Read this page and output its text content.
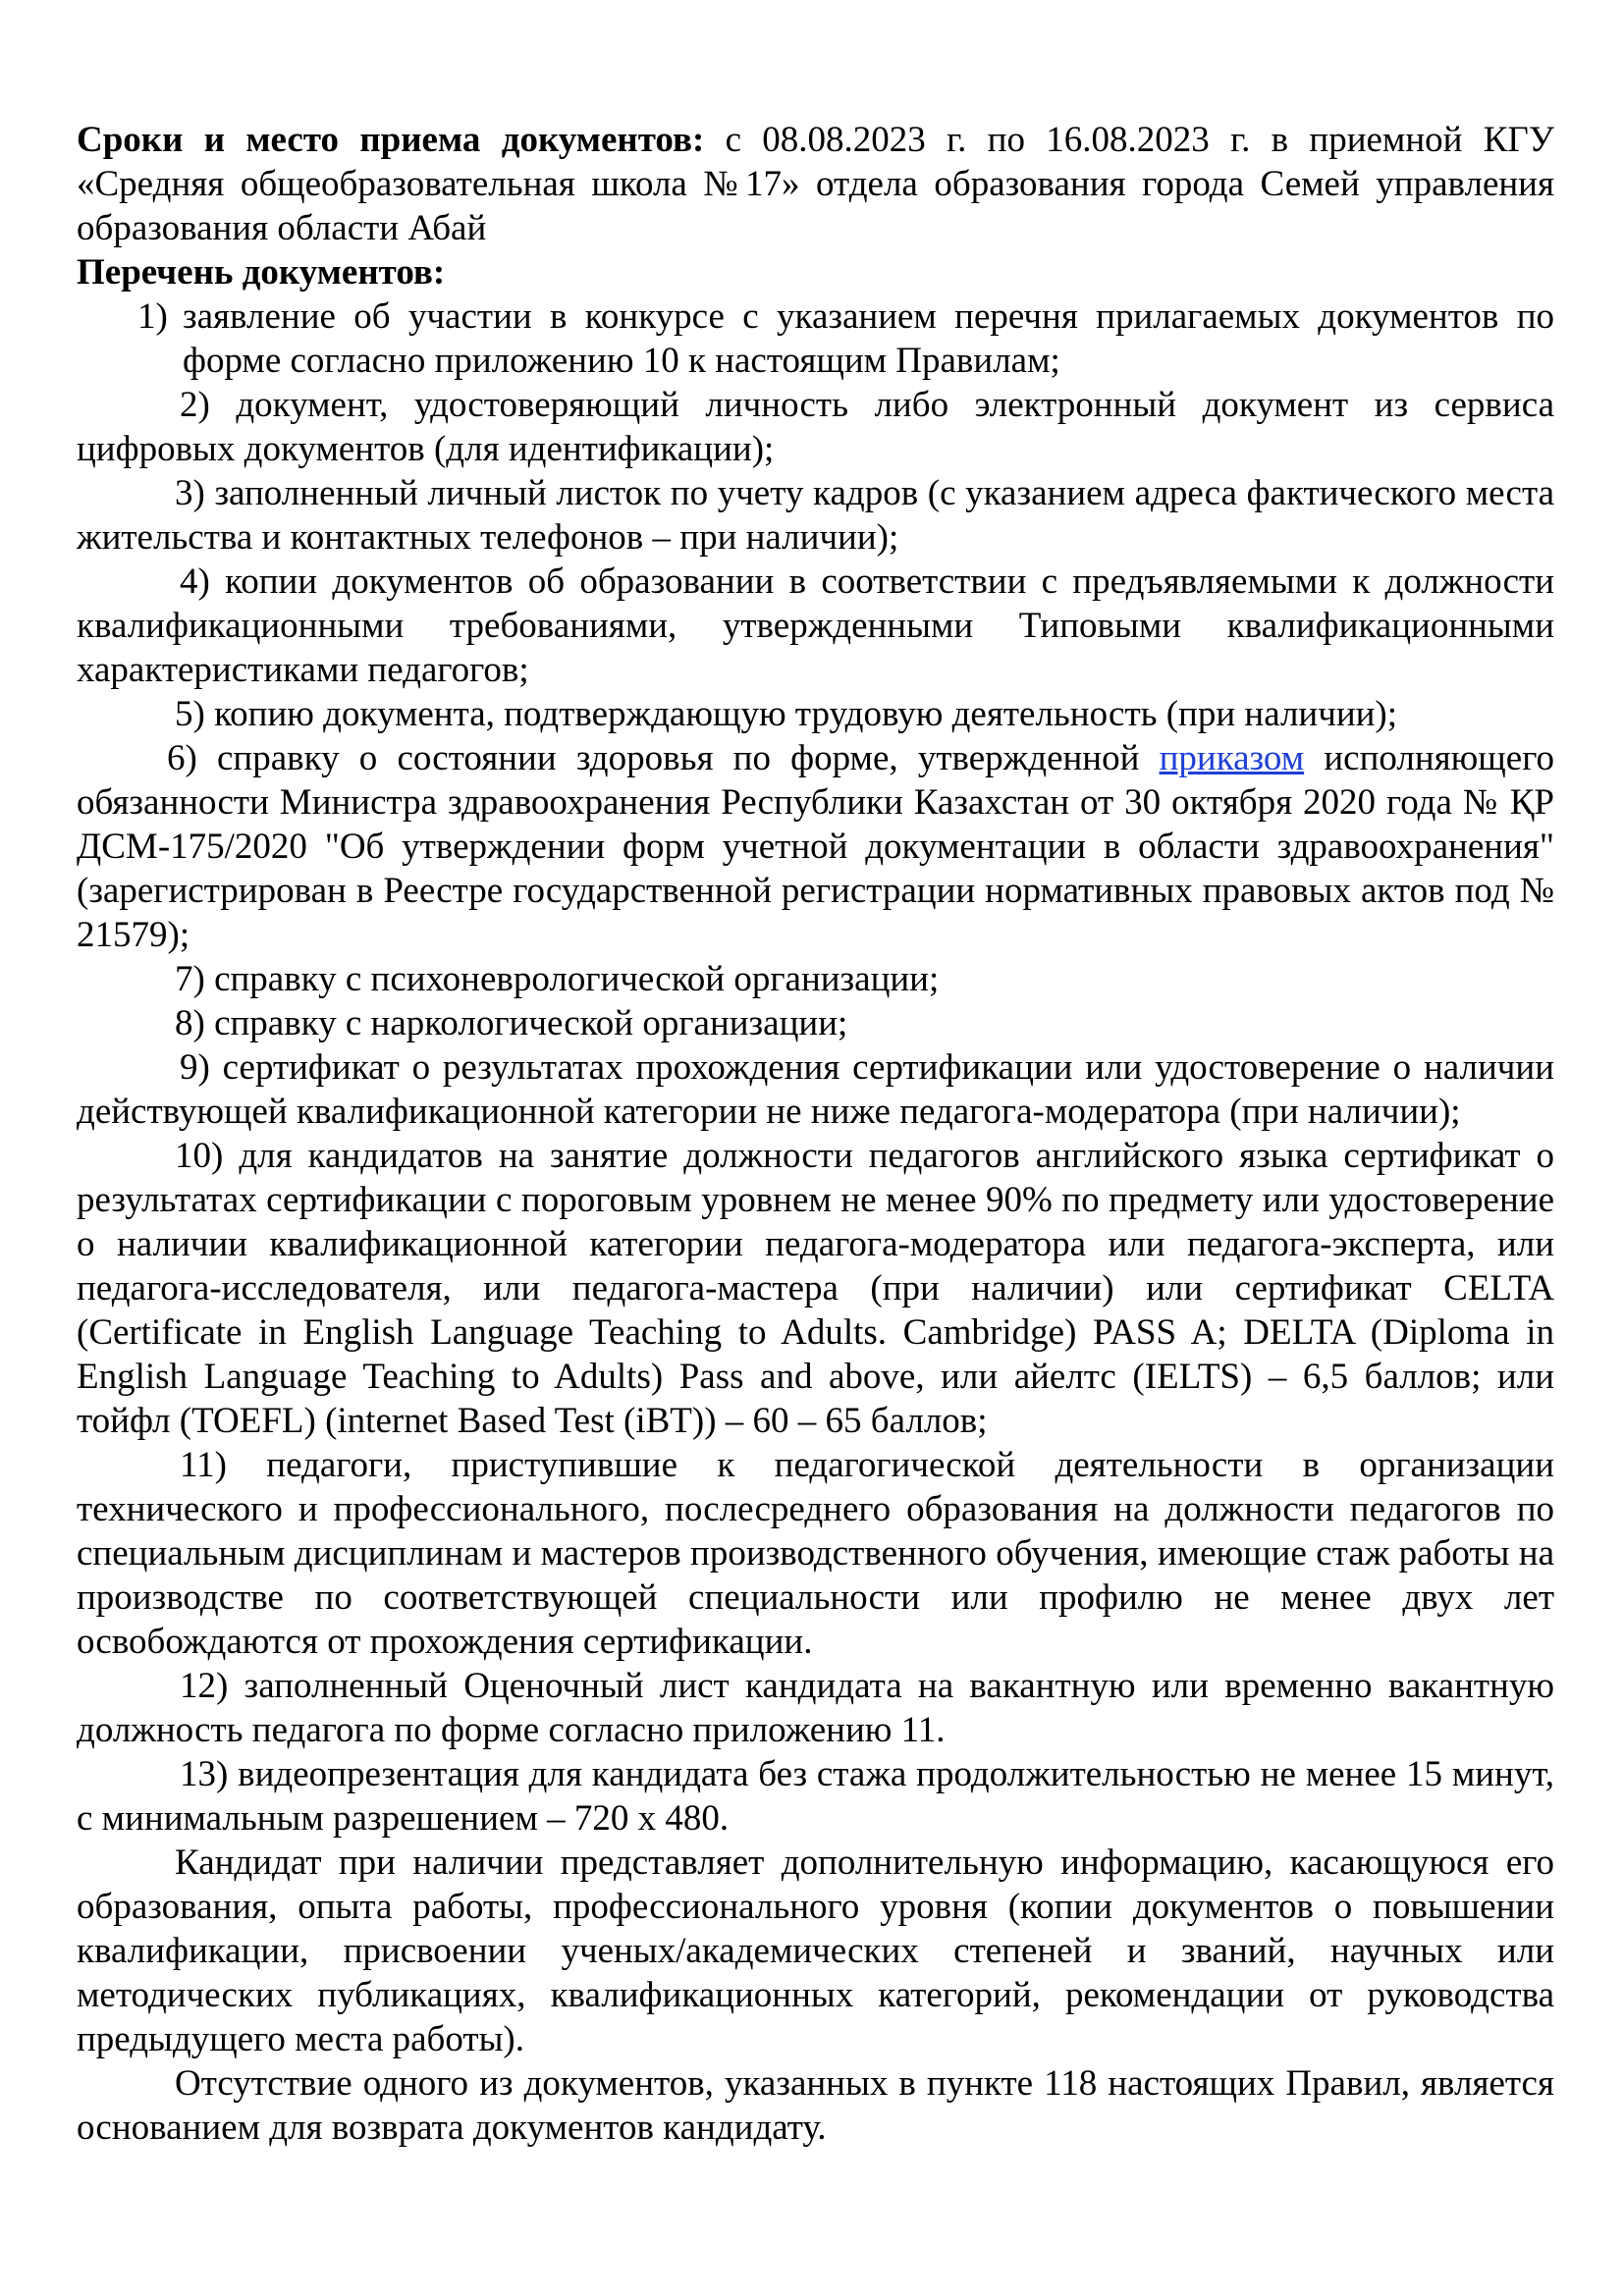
Сроки и место приема документов: с 08.08.2023 г. по 16.08.2023 г. в приемной КГУ «Средняя общеобразовательная школа №17» отдела образования города Семей управления образования области Абай

Перечень документов:

1) заявление об участии в конкурсе с указанием перечня прилагаемых документов по форме согласно приложению 10 к настоящим Правилам;

2) документ, удостоверяющий личность либо электронный документ из сервиса цифровых документов (для идентификации);

3) заполненный личный листок по учету кадров (с указанием адреса фактического места жительства и контактных телефонов – при наличии);

4) копии документов об образовании в соответствии с предъявляемыми к должности квалификационными требованиями, утвержденными Типовыми квалификационными характеристиками педагогов;

5) копию документа, подтверждающую трудовую деятельность (при наличии);

6) справку о состоянии здоровья по форме, утвержденной приказом исполняющего обязанности Министра здравоохранения Республики Казахстан от 30 октября 2020 года № ҚР ДСМ-175/2020 "Об утверждении форм учетной документации в области здравоохранения" (зарегистрирован в Реестре государственной регистрации нормативных правовых актов под № 21579);

7) справку с психоневрологической организации;

8) справку с наркологической организации;

9) сертификат о результатах прохождения сертификации или удостоверение о наличии действующей квалификационной категории не ниже педагога-модератора (при наличии);

10) для кандидатов на занятие должности педагогов английского языка сертификат о результатах сертификации с пороговым уровнем не менее 90% по предмету или удостоверение о наличии квалификационной категории педагога-модератора или педагога-эксперта, или педагога-исследователя, или педагога-мастера (при наличии) или сертификат CELTA (Certificate in English Language Teaching to Adults. Cambridge) PASS A; DELTA (Diploma in English Language Teaching to Adults) Pass and above, или айелтс (IELTS) – 6,5 баллов; или тойфл (TOEFL) (internet Based Test (iBT)) – 60 – 65 баллов;

11) педагоги, приступившие к педагогической деятельности в организации технического и профессионального, послесреднего образования на должности педагогов по специальным дисциплинам и мастеров производственного обучения, имеющие стаж работы на производстве по соответствующей специальности или профилю не менее двух лет освобождаются от прохождения сертификации.

12) заполненный Оценочный лист кандидата на вакантную или временно вакантную должность педагога по форме согласно приложению 11.

13) видеопрезентация для кандидата без стажа продолжительностью не менее 15 минут, с минимальным разрешением – 720 х 480.

Кандидат при наличии представляет дополнительную информацию, касающуюся его образования, опыта работы, профессионального уровня (копии документов о повышении квалификации, присвоении ученых/академических степеней и званий, научных или методических публикациях, квалификационных категорий, рекомендации от руководства предыдущего места работы).

Отсутствие одного из документов, указанных в пункте 118 настоящих Правил, является основанием для возврата документов кандидату.
